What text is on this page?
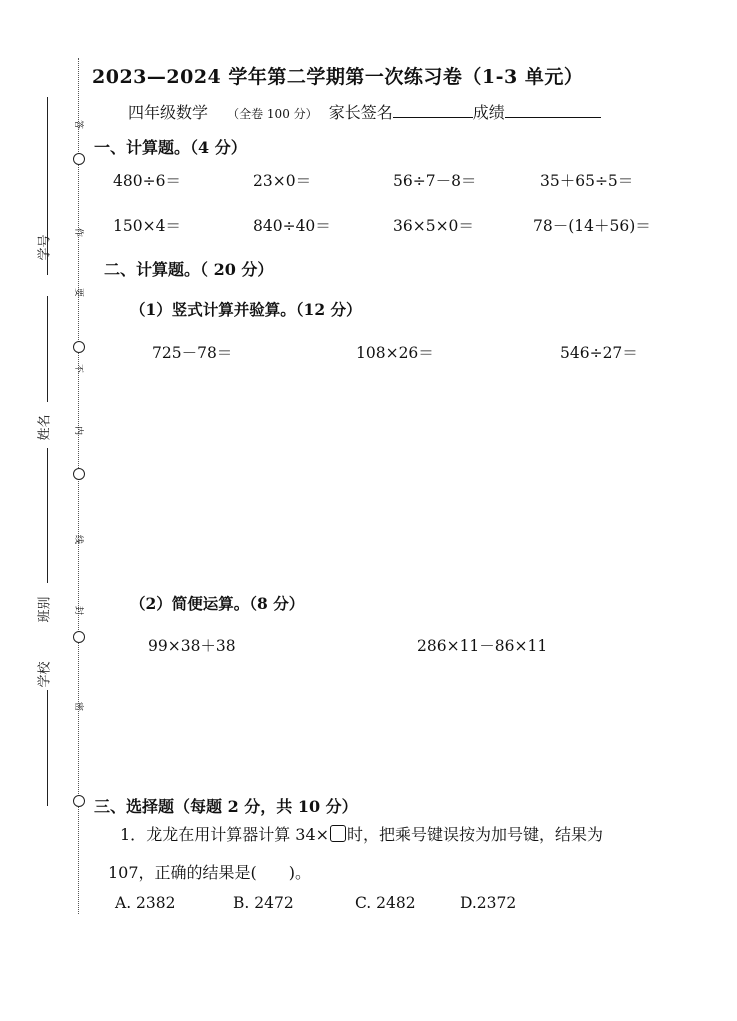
学号
姓名
班别
学校
答
作
要
不
内
线
封
密
2023—2024 学年第二学期第一次练习卷（1-3 单元）
四年级数学 （全卷 100 分） 家长签名	成绩
一、计算题。（4 分）
480÷6＝	23×0＝	56÷7－8＝	35＋65÷5＝
150×4＝	840÷40＝	36×5×0＝	78－(14＋56)＝
二、计算题。（ 20 分）
（1）竖式计算并验算。（12 分）
725－78＝	108×26＝	546÷27＝
（2）简便运算。（8 分）
99×38＋38	286×11－86×11
三、选择题（每题 2 分，共 10 分）
1．龙龙在用计算器计算 34× 时，把乘号键误按为加号键，结果为
107，正确的结果是(　　)。
A. 2382	B. 2472	C. 2482	D.2372
